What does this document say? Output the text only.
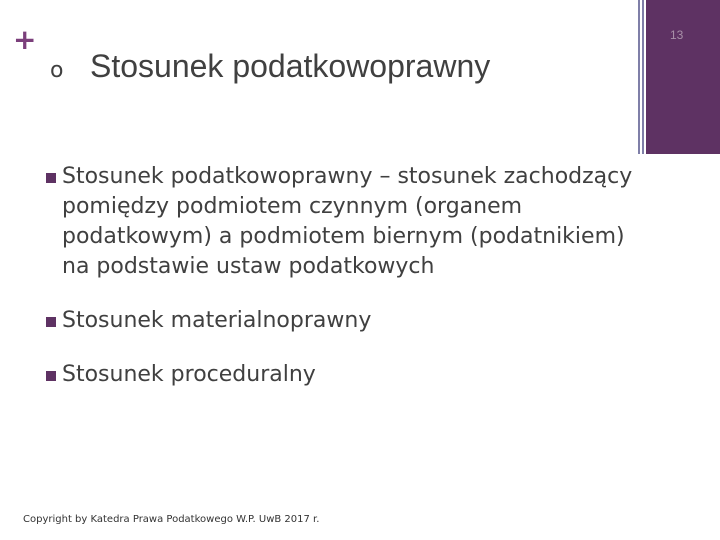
+	13
o Stosunek podatkowoprawny
Stosunek podatkowoprawny – stosunek zachodzący pomiędzy podmiotem czynnym (organem podatkowym) a podmiotem biernym (podatnikiem) na podstawie ustaw podatkowych
Stosunek materialnoprawny
Stosunek proceduralny
Copyright by Katedra Prawa Podatkowego W.P. UwB 2017 r.
